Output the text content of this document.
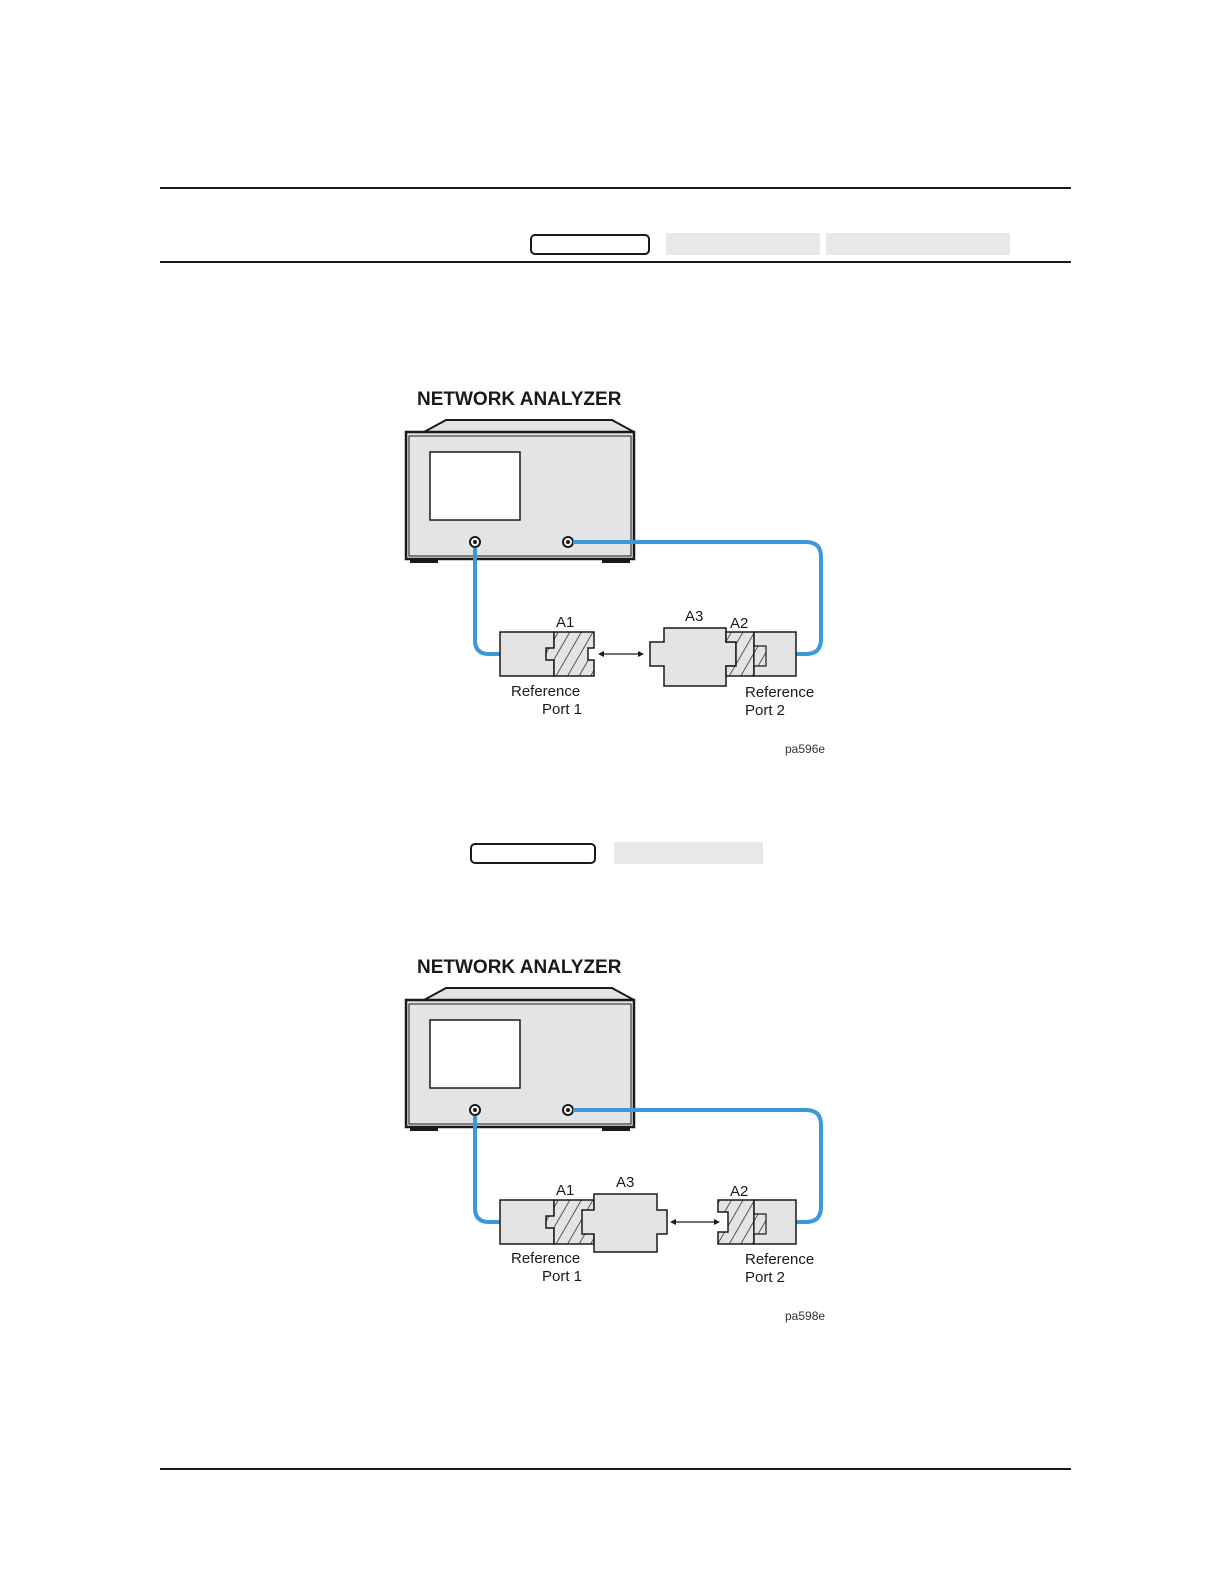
NETWORK ANALYZER
A1	A3 A2
Reference
Port 1
Reference
Port 2
pa596e
NETWORK ANALYZER
A1	A3
A2
Reference
Port 1
Reference
Port 2
pa598e
